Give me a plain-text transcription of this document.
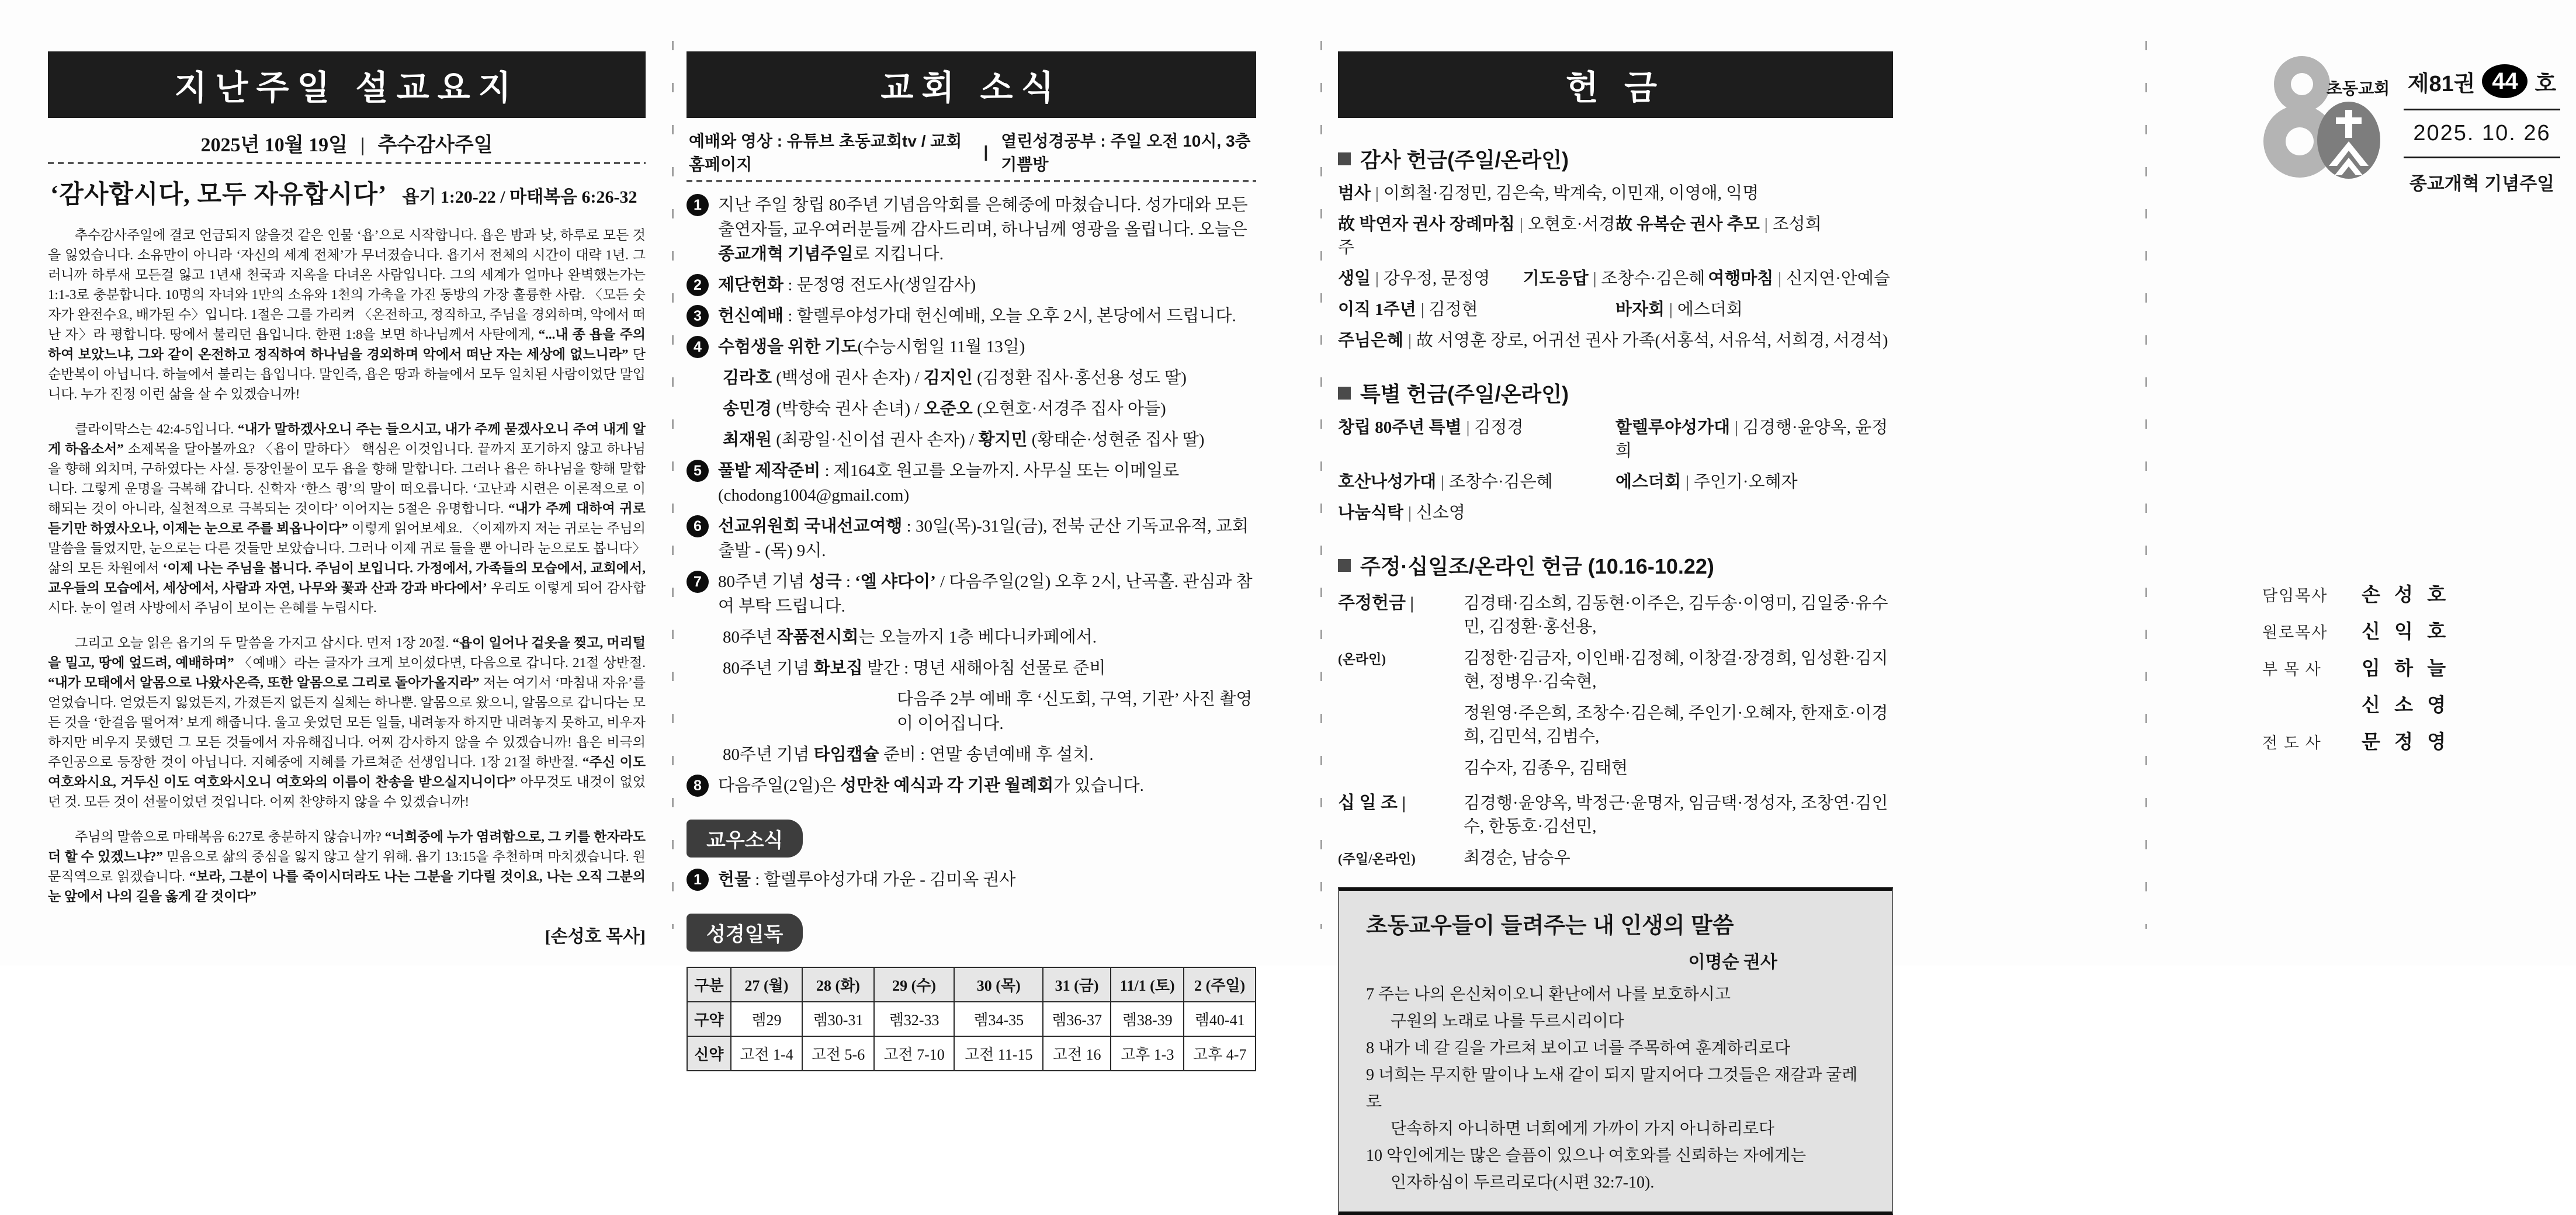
지난주일 설교요지
2025년 10월 19일 | 추수감사주일
‘감사합시다, 모두 자유합시다’ 욥기 1:20-22 / 마태복음 6:26-32

추수감사주일에 결코 언급되지 않을것 같은 인물 ‘욥’으로 시작합니다. 욥은 밤과 낮, 하루로 모든 것을 잃었습니다. 소유만이 아니라 ‘자신의 세계 전체’가 무너졌습니다. 욥기서 전체의 시간이 대략 1년. 그러니까 하루새 모든걸 잃고 1년새 천국과 지옥을 다녀온 사람입니다. 그의 세계가 얼마나 완벽했는가는 1:1-3로 충분합니다. 10명의 자녀와 1만의 소유와 1천의 가축을 가진 동방의 가장 훌륭한 사람. 〈모든 숫자가 완전수요, 배가된 수〉입니다. 1절은 그를 가리켜 〈온전하고, 정직하고, 주님을 경외하며, 악에서 떠난 자〉라 평합니다. 땅에서 불리던 욥입니다. 한편 1:8을 보면 하나님께서 사탄에게, “...내 종 욥을 주의하여 보았느냐, 그와 같이 온전하고 정직하여 하나님을 경외하며 악에서 떠난 자는 세상에 없느니라” 단순반복이 아닙니다. 하늘에서 불리는 욥입니다. 말인즉, 욥은 땅과 하늘에서 모두 일치된 사람이었단 말입니다. 누가 진정 이런 삶을 살 수 있겠습니까!

클라이막스는 42:4-5입니다. “내가 말하겠사오니 주는 들으시고, 내가 주께 묻겠사오니 주여 내게 알게 하옵소서” 소제목을 달아볼까요? 〈욥이 말하다〉 핵심은 이것입니다. 끝까지 포기하지 않고 하나님을 향해 외치며, 구하였다는 사실. 등장인물이 모두 욥을 향해 말합니다. 그러나 욥은 하나님을 향해 말합니다. 그렇게 운명을 극복해 갑니다. 신학자 ‘한스 큉’의 말이 떠오릅니다. ‘고난과 시련은 이론적으로 이해되는 것이 아니라, 실천적으로 극복되는 것이다’ 이어지는 5절은 유명합니다. “내가 주께 대하여 귀로 듣기만 하였사오나, 이제는 눈으로 주를 뵈옵나이다” 이렇게 읽어보세요. 〈이제까지 저는 귀로는 주님의 말씀을 들었지만, 눈으로는 다른 것들만 보았습니다. 그러나 이제 귀로 들을 뿐 아니라 눈으로도 봅니다〉 삶의 모든 차원에서 ‘이제 나는 주님을 봅니다. 주님이 보입니다. 가정에서, 가족들의 모습에서, 교회에서, 교우들의 모습에서, 세상에서, 사람과 자연, 나무와 꽃과 산과 강과 바다에서’ 우리도 이렇게 되어 감사합시다. 눈이 열려 사방에서 주님이 보이는 은혜를 누립시다.

그리고 오늘 읽은 욥기의 두 말씀을 가지고 삽시다. 먼저 1장 20절. “욥이 일어나 겉옷을 찢고, 머리털을 밀고, 땅에 엎드려, 예배하며” 〈예배〉라는 글자가 크게 보이셨다면, 다음으로 갑니다. 21절 상반절. “내가 모태에서 알몸으로 나왔사온즉, 또한 알몸으로 그리로 돌아가올지라” 저는 여기서 ‘마침내 자유’를 얻었습니다. 얻었든지 잃었든지, 가졌든지 없든지 실체는 하나뿐. 알몸으로 왔으니, 알몸으로 갑니다는 모든 것을 ‘한걸음 떨어져’ 보게 해줍니다. 울고 웃었던 모든 일들, 내려놓자 하지만 내려놓지 못하고, 비우자 하지만 비우지 못했던 그 모든 것들에서 자유해집니다. 어찌 감사하지 않을 수 있겠습니까! 욥은 비극의 주인공으로 등장한 것이 아닙니다. 지혜중에 지혜를 가르쳐준 선생입니다. 1장 21절 하반절. “주신 이도 여호와시요, 거두신 이도 여호와시오니 여호와의 이름이 찬송을 받으실지니이다” 아무것도 내것이 없었던 것. 모든 것이 선물이었던 것입니다. 어찌 찬양하지 않을 수 있겠습니까!

주님의 말씀으로 마태복음 6:27로 충분하지 않습니까? “너희중에 누가 염려함으로, 그 키를 한자라도 더 할 수 있겠느냐?” 믿음으로 삶의 중심을 잃지 않고 살기 위해. 욥기 13:15을 추천하며 마치겠습니다. 원문직역으로 읽겠습니다. “보라, 그분이 나를 죽이시더라도 나는 그분을 기다릴 것이요, 나는 오직 그분의 눈 앞에서 나의 길을 옳게 갈 것이다”

[손성호 목사]
교회 소식
예배와 영상 : 유튜브 초동교회tv / 교회홈페이지
|
열린성경공부 : 주일 오전 10시, 3층 기쁨방
1 지난 주일 창립 80주년 기념음악회를 은혜중에 마쳤습니다. 성가대와 모든 출연자들, 교우여러분들께 감사드리며, 하나님께 영광을 올립니다. 오늘은 종교개혁 기념주일로 지킵니다.
2 제단헌화 : 문정영 전도사(생일감사)
3 헌신예배 : 할렐루야성가대 헌신예배, 오늘 오후 2시, 본당에서 드립니다.
4 수험생을 위한 기도(수능시험일 11월 13일)
김라호 (백성애 권사 손자) / 김지인 (김정환 집사·홍선용 성도 딸)
송민경 (박향숙 권사 손녀) / 오준오 (오현호·서경주 집사 아들)
최재원 (최광일·신이섭 권사 손자) / 황지민 (황태순·성현준 집사 딸)
5 풀밭 제작준비 : 제164호 원고를 오늘까지. 사무실 또는 이메일로(chodong1004@gmail.com)
6 선교위원회 국내선교여행 : 30일(목)-31일(금), 전북 군산 기독교유적, 교회출발 - (목) 9시.
7 80주년 기념 성극 : ‘엘 샤다이’ / 다음주일(2일) 오후 2시, 난곡홀. 관심과 참여 부탁 드립니다.
80주년 작품전시회는 오늘까지 1층 베다니카페에서.
80주년 기념 화보집 발간 : 명년 새해아침 선물로 준비
다음주 2부 예배 후 ‘신도회, 구역, 기관’ 사진 촬영이 이어집니다.
80주년 기념 타임캡슐 준비 : 연말 송년예배 후 설치.
8 다음주일(2일)은 성만찬 예식과 각 기관 월례회가 있습니다.
교우소식
1 헌물 : 할렐루야성가대 가운 - 김미옥 권사
성경일독
구분	27 (월)	28 (화)	29 (수)	30 (목)	31 (금)	11/1 (토)	2 (주일)
구약	렘29	렘30-31	렘32-33	렘34-35	렘36-37	렘38-39	렘40-41
신약	고전 1-4	고전 5-6	고전 7-10	고전 11-15	고전 16	고후 1-3	고후 4-7
헌 금
감사 헌금(주일/온라인)
범사 | 이희철·김정민, 김은숙, 박계숙, 이민재, 이영애, 익명
故 박연자 권사 장례마침 | 오현호·서경주
故 유복순 권사 추모 | 조성희
생일 | 강우정, 문정영	기도응답 | 조창수·김은혜 여행마침 | 신지연·안예슬
이직 1주년 | 김정현	바자회 | 에스더회
주님은혜 | 故 서영훈 장로, 어귀선 권사 가족(서홍석, 서유석, 서희경, 서경석)
특별 헌금(주일/온라인)
창립 80주년 특별 | 김정경	할렐루야성가대 | 김경행·윤양옥, 윤정희
호산나성가대 | 조창수·김은혜	에스더회 | 주인기·오혜자
나눔식탁 | 신소영
주정·십일조/온라인 헌금 (10.16-10.22)
주정헌금 |	김경태·김소희, 김동현·이주은, 김두송·이영미, 김일중·유수민, 김정환·홍선용,
(온라인)	김정한·김금자, 이인배·김정혜, 이창걸·장경희, 임성환·김지현, 정병우·김숙현,
정원영·주은희, 조창수·김은혜, 주인기·오혜자, 한재호·이경희, 김민석, 김범수,
김수자, 김종우, 김태현
십 일 조 |	김경행·윤양옥, 박정근·윤명자, 임금택·정성자, 조창연·김인수, 한동호·김선민,
(주일/온라인)	최경순, 남승우
초동교우들이 들려주는 내 인생의 말씀
이명순 권사

7 주는 나의 은신처이오니 환난에서 나를 보호하시고

구원의 노래로 나를 두르시리이다

8 내가 네 갈 길을 가르쳐 보이고 너를 주목하여 훈계하리로다

9 너희는 무지한 말이나 노새 같이 되지 말지어다 그것들은 재갈과 굴레로

단속하지 아니하면 너희에게 가까이 가지 아니하리로다

10 악인에게는 많은 슬픔이 있으나 여호와를 신뢰하는 자에게는

인자하심이 두르리로다(시편 32:7-10).

초동교회 제81권 44 호
2025. 10. 26
종교개혁 기념주일
담임목사	손 성 호
원로목사	신 익 호
부 목 사	임 하 늘
신 소 영
전 도 사	문 정 영
